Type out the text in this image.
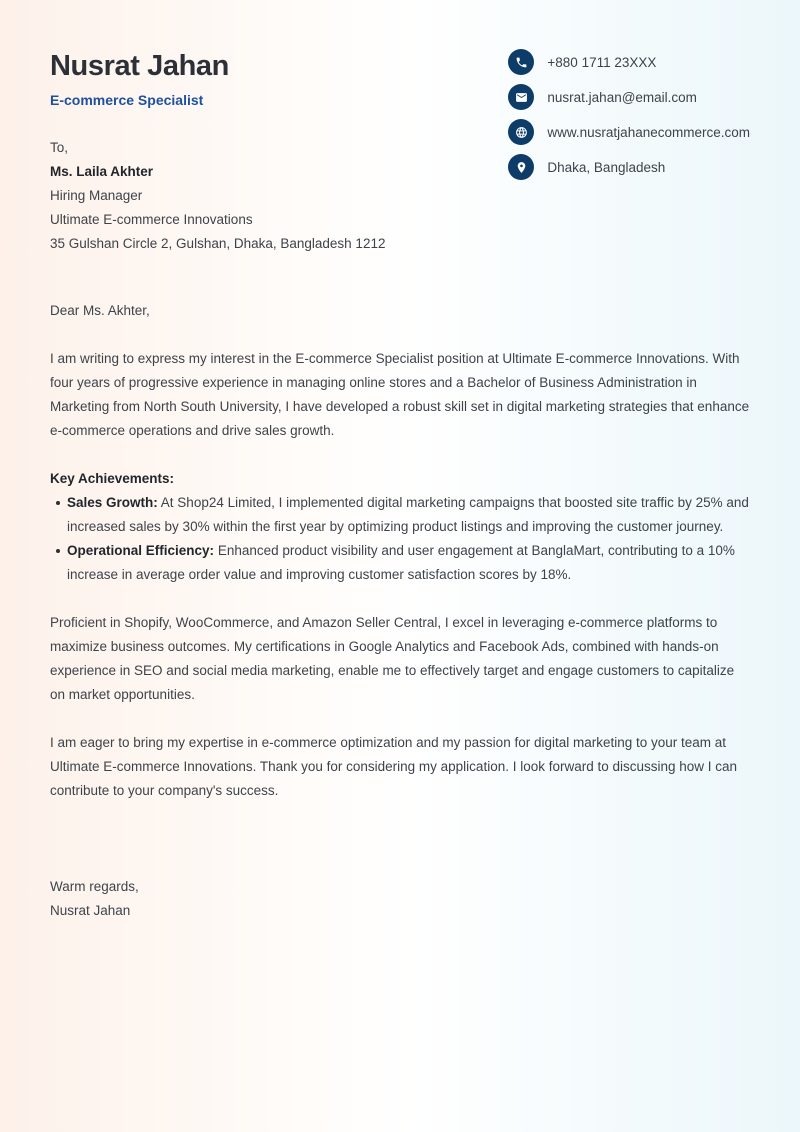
Nusrat Jahan
E-commerce Specialist
To,
Ms. Laila Akhter
Hiring Manager
Ultimate E-commerce Innovations
35 Gulshan Circle 2, Gulshan, Dhaka, Bangladesh 1212
+880 1711 23XXX
nusrat.jahan@email.com
www.nusratjahanecommerce.com
Dhaka, Bangladesh

Dear Ms. Akhter,

I am writing to express my interest in the E-commerce Specialist position at Ultimate E-commerce Innovations. With four years of progressive experience in managing online stores and a Bachelor of Business Administration in Marketing from North South University, I have developed a robust skill set in digital marketing strategies that enhance e-commerce operations and drive sales growth.

Key Achievements:

Sales Growth: At Shop24 Limited, I implemented digital marketing campaigns that boosted site traffic by 25% and increased sales by 30% within the first year by optimizing product listings and improving the customer journey.
Operational Efficiency: Enhanced product visibility and user engagement at BanglaMart, contributing to a 10% increase in average order value and improving customer satisfaction scores by 18%.

Proficient in Shopify, WooCommerce, and Amazon Seller Central, I excel in leveraging e-commerce platforms to maximize business outcomes. My certifications in Google Analytics and Facebook Ads, combined with hands-on experience in SEO and social media marketing, enable me to effectively target and engage customers to capitalize on market opportunities.

I am eager to bring my expertise in e-commerce optimization and my passion for digital marketing to your team at Ultimate E-commerce Innovations. Thank you for considering my application. I look forward to discussing how I can contribute to your company's success.

Warm regards,

Nusrat Jahan
